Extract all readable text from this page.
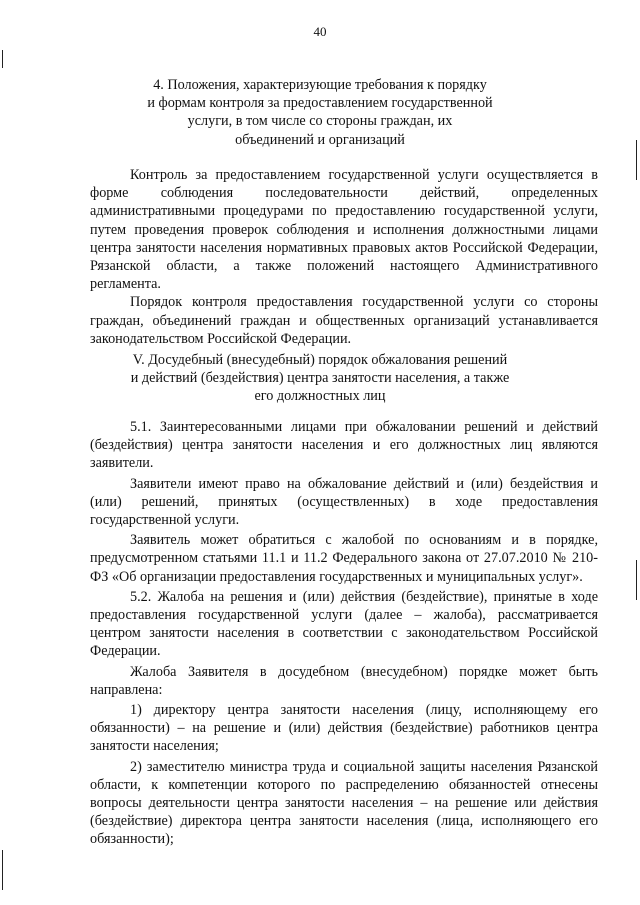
40
4. Положения, характеризующие требования к порядку
и формам контроля за предоставлением государственной
услуги, в том числе со стороны граждан, их
объединений и организаций

Контроль за предоставлением государственной услуги осуществляется в форме соблюдения последовательности действий, определенных административными процедурами по предоставлению государственной услуги, путем проведения проверок соблюдения и исполнения должностными лицами центра занятости населения нормативных правовых актов Российской Федерации, Рязанской области, а также положений настоящего Административного регламента.

Порядок контроля предоставления государственной услуги со стороны граждан, объединений граждан и общественных организаций устанавливается законодательством Российской Федерации.

V. Досудебный (внесудебный) порядок обжалования решений
и действий (бездействия) центра занятости населения, а также
его должностных лиц

5.1. Заинтересованными лицами при обжаловании решений и действий (бездействия) центра занятости населения и его должностных лиц являются заявители.

Заявители имеют право на обжалование действий и (или) бездействия и (или) решений, принятых (осуществленных) в ходе предоставления государственной услуги.

Заявитель может обратиться с жалобой по основаниям и в порядке, предусмотренном статьями 11.1 и 11.2 Федерального закона от 27.07.2010 № 210-ФЗ «Об организации предоставления государственных и муниципальных услуг».

5.2. Жалоба на решения и (или) действия (бездействие), принятые в ходе предоставления государственной услуги (далее – жалоба), рассматривается центром занятости населения в соответствии с законодательством Российской Федерации.

Жалоба Заявителя в досудебном (внесудебном) порядке может быть направлена:

1) директору центра занятости населения (лицу, исполняющему его обязанности) – на решение и (или) действия (бездействие) работников центра занятости населения;

2) заместителю министра труда и социальной защиты населения Рязанской области, к компетенции которого по распределению обязанностей отнесены вопросы деятельности центра занятости населения – на решение или действия (бездействие) директора центра занятости населения (лица, исполняющего его обязанности);
